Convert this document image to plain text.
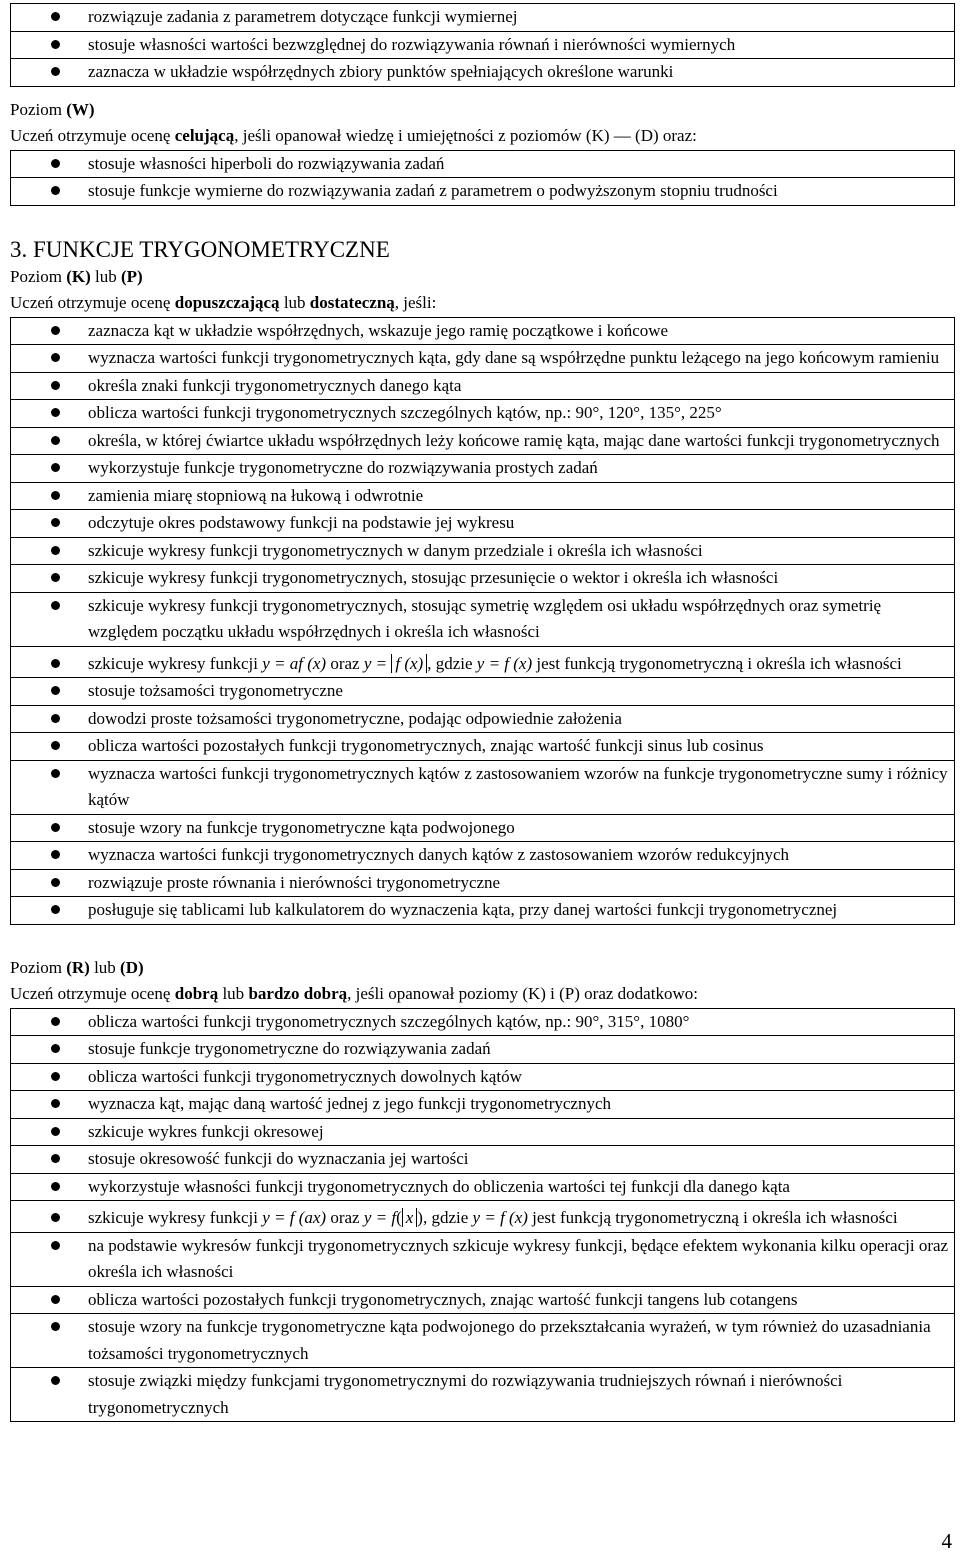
rozwiązuje zadania z parametrem dotyczące funkcji wymiernej
stosuje własności wartości bezwzględnej do rozwiązywania równań i nierówności wymiernych
zaznacza w układzie współrzędnych zbiory punktów spełniających określone warunki
Poziom (W)
Uczeń otrzymuje ocenę celującą, jeśli opanował wiedzę i umiejętności z poziomów (K) — (D) oraz:
stosuje własności hiperboli do rozwiązywania zadań
stosuje funkcje wymierne do rozwiązywania zadań z parametrem o podwyższonym stopniu trudności
3. FUNKCJE TRYGONOMETRYCZNE
Poziom (K) lub (P)
Uczeń otrzymuje ocenę dopuszczającą lub dostateczną, jeśli:
zaznacza kąt w układzie współrzędnych, wskazuje jego ramię początkowe i końcowe
wyznacza wartości funkcji trygonometrycznych kąta, gdy dane są współrzędne punktu leżącego na jego końcowym ramieniu
określa znaki funkcji trygonometrycznych danego kąta
oblicza wartości funkcji trygonometrycznych szczególnych kątów, np.: 90°, 120°, 135°, 225°
określa, w której ćwiartce układu współrzędnych leży końcowe ramię kąta, mając dane wartości funkcji trygonometrycznych
wykorzystuje funkcje trygonometryczne do rozwiązywania prostych zadań
zamienia miarę stopniową na łukową i odwrotnie
odczytuje okres podstawowy funkcji na podstawie jej wykresu
szkicuje wykresy funkcji trygonometrycznych w danym przedziale i określa ich własności
szkicuje wykresy funkcji trygonometrycznych, stosując przesunięcie o wektor i określa ich własności
szkicuje wykresy funkcji trygonometrycznych, stosując symetrię względem osi układu współrzędnych oraz symetrię względem początku układu współrzędnych i określa ich własności
szkicuje wykresy funkcji y = af (x) oraz y = f (x) , gdzie y = f (x) jest funkcją trygonometryczną i określa ich własności
stosuje tożsamości trygonometryczne
dowodzi proste tożsamości trygonometryczne, podając odpowiednie założenia
oblicza wartości pozostałych funkcji trygonometrycznych, znając wartość funkcji sinus lub cosinus
wyznacza wartości funkcji trygonometrycznych kątów z zastosowaniem wzorów na funkcje trygonometryczne sumy i różnicy kątów
stosuje wzory na funkcje trygonometryczne kąta podwojonego
wyznacza wartości funkcji trygonometrycznych danych kątów z zastosowaniem wzorów redukcyjnych
rozwiązuje proste równania i nierówności trygonometryczne
posługuje się tablicami lub kalkulatorem do wyznaczenia kąta, przy danej wartości funkcji trygonometrycznej
Poziom (R) lub (D)
Uczeń otrzymuje ocenę dobrą lub bardzo dobrą, jeśli opanował poziomy (K) i (P) oraz dodatkowo:
oblicza wartości funkcji trygonometrycznych szczególnych kątów, np.: 90°, 315°, 1080°
stosuje funkcje trygonometryczne do rozwiązywania zadań
oblicza wartości funkcji trygonometrycznych dowolnych kątów
wyznacza kąt, mając daną wartość jednej z jego funkcji trygonometrycznych
szkicuje wykres funkcji okresowej
stosuje okresowość funkcji do wyznaczania jej wartości
wykorzystuje własności funkcji trygonometrycznych do obliczenia wartości tej funkcji dla danego kąta
szkicuje wykresy funkcji y = f (ax) oraz y = f( x ), gdzie y = f (x) jest funkcją trygonometryczną i określa ich własności
na podstawie wykresów funkcji trygonometrycznych szkicuje wykresy funkcji, będące efektem wykonania kilku operacji oraz określa ich własności
oblicza wartości pozostałych funkcji trygonometrycznych, znając wartość funkcji tangens lub cotangens
stosuje wzory na funkcje trygonometryczne kąta podwojonego do przekształcania wyrażeń, w tym również do uzasadniania tożsamości trygonometrycznych
stosuje związki między funkcjami trygonometrycznymi do rozwiązywania trudniejszych równań i nierówności trygonometrycznych
4
